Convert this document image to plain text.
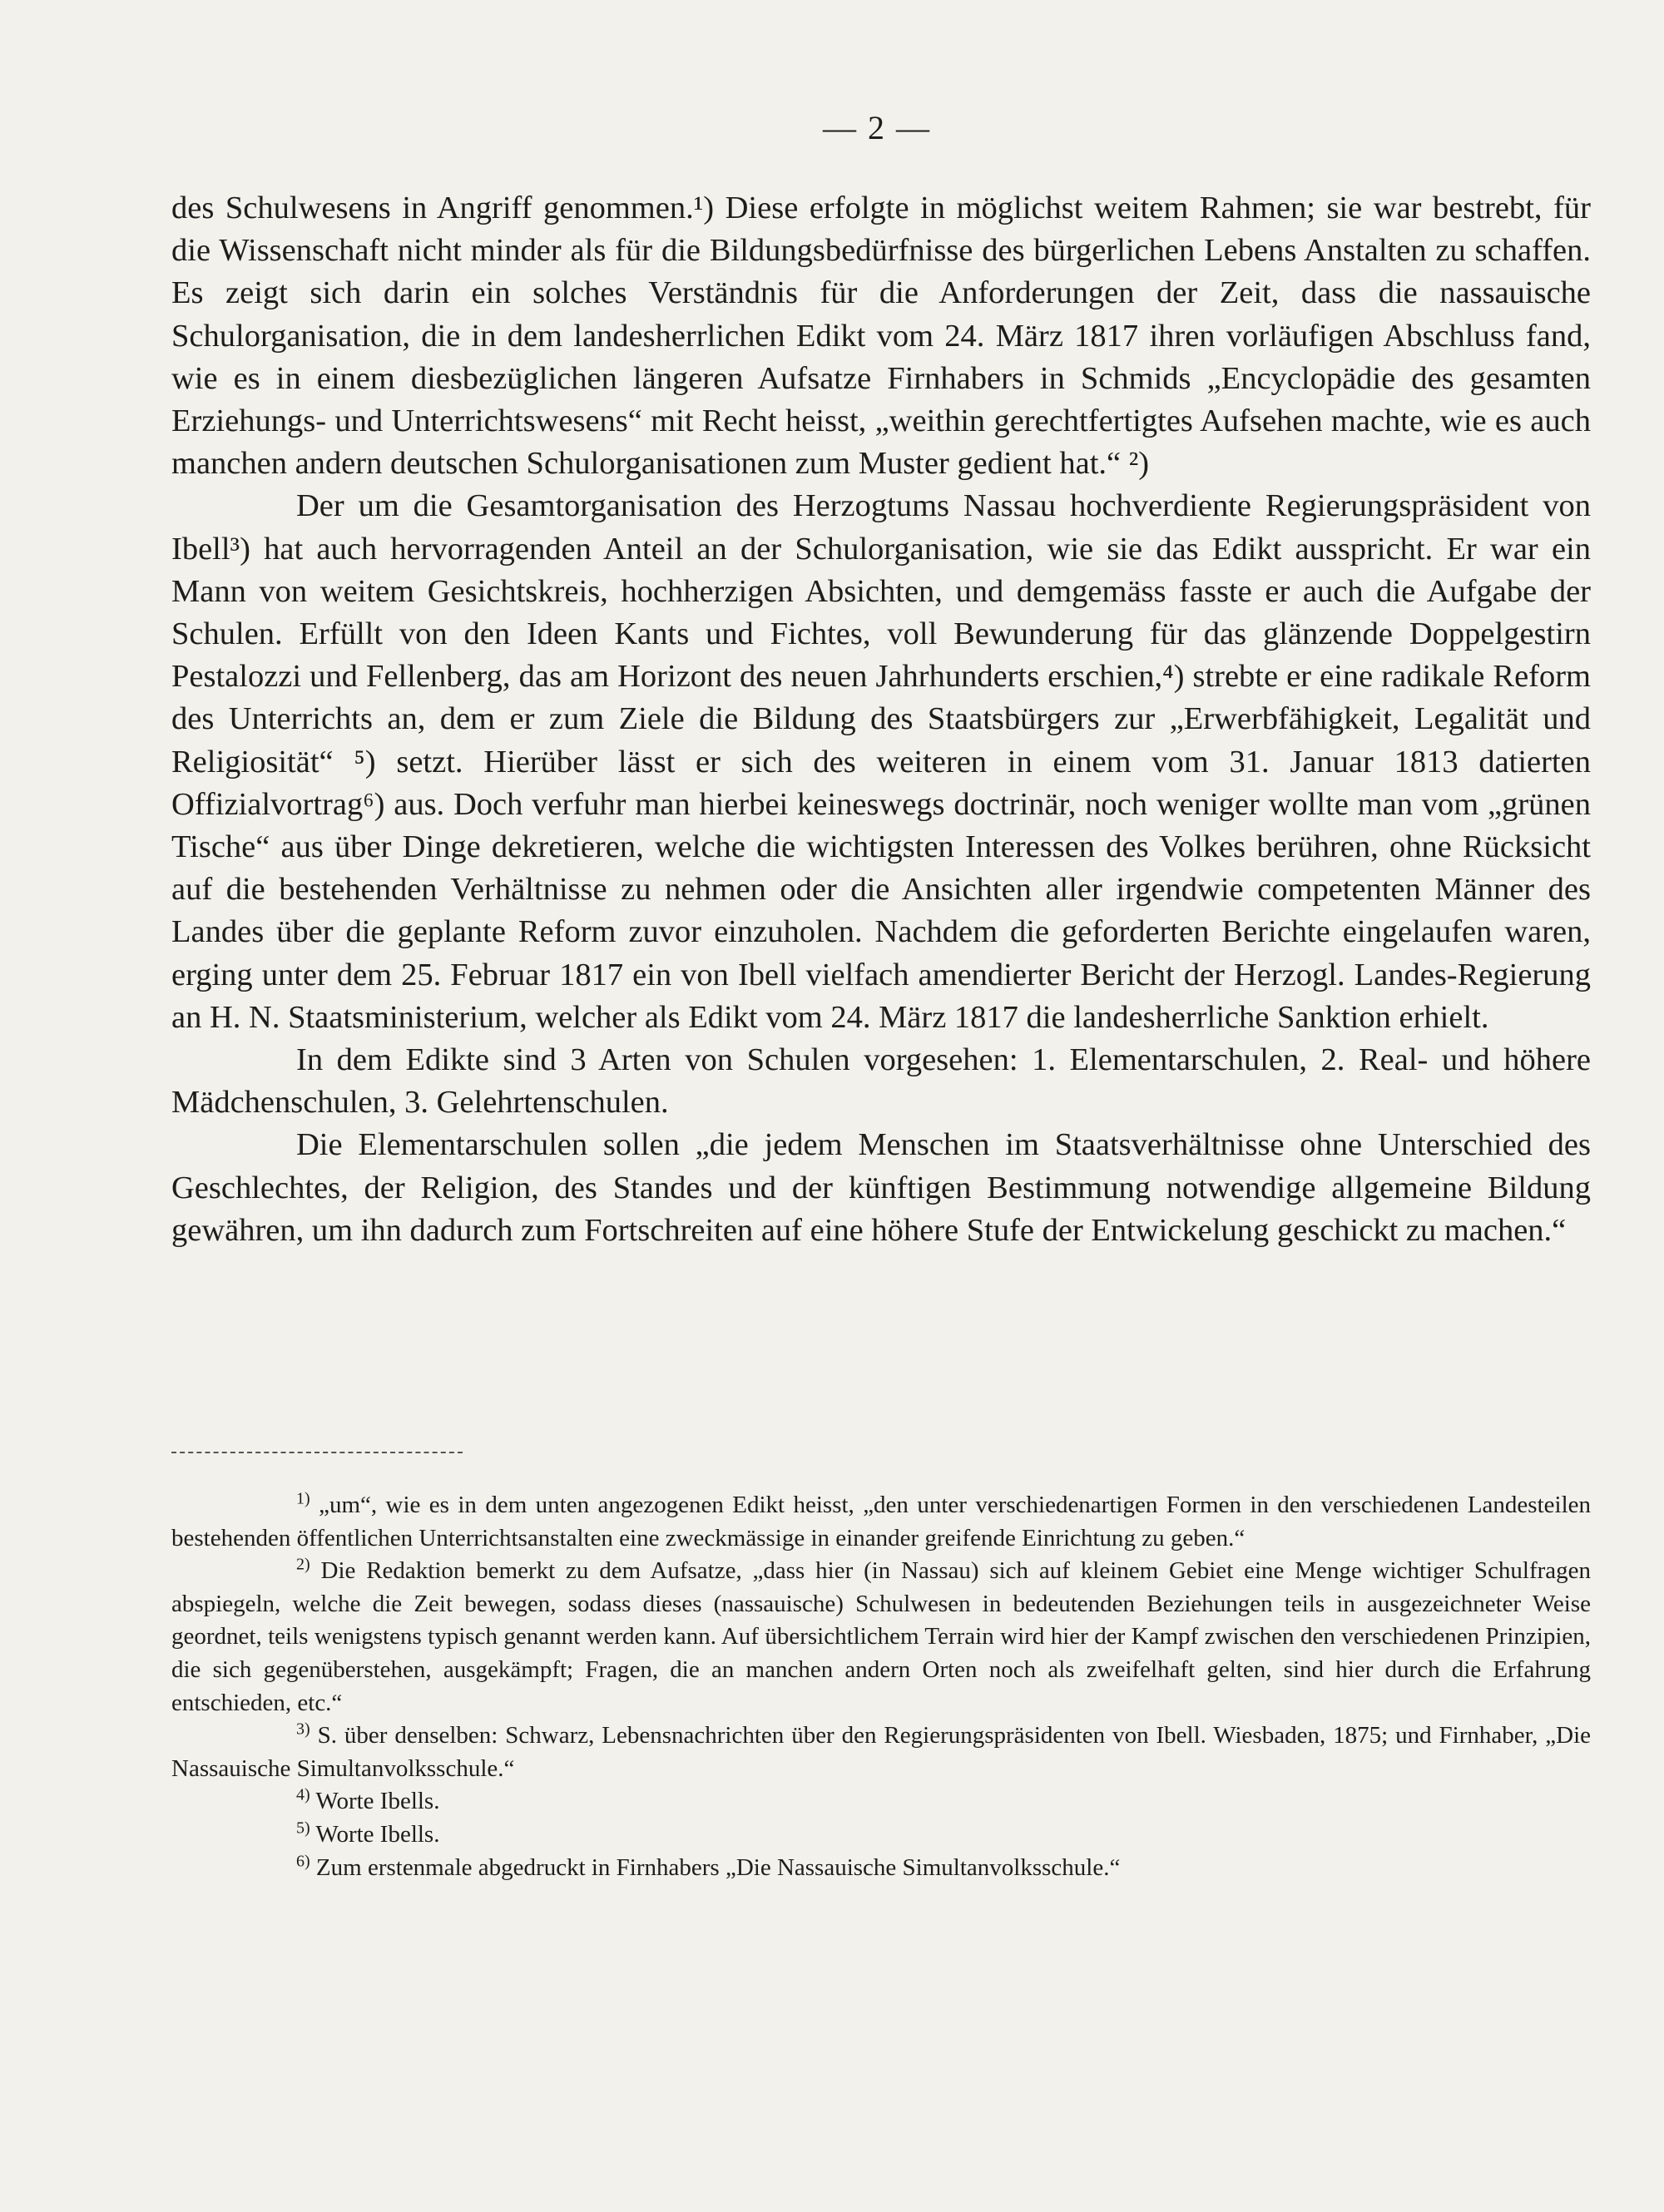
— 2 —

des Schulwesens in Angriff genommen.¹) Diese erfolgte in möglichst weitem Rahmen; sie war bestrebt, für die Wissenschaft nicht minder als für die Bildungsbedürfnisse des bürgerlichen Lebens Anstalten zu schaffen. Es zeigt sich darin ein solches Verständnis für die Anforderungen der Zeit, dass die nassauische Schulorganisation, die in dem landesherrlichen Edikt vom 24. März 1817 ihren vorläufigen Abschluss fand, wie es in einem diesbezüglichen längeren Aufsatze Firnhabers in Schmids „Encyclopädie des gesamten Erziehungs- und Unterrichtswesens“ mit Recht heisst, „weithin gerechtfertigtes Aufsehen machte, wie es auch manchen andern deutschen Schulorganisationen zum Muster gedient hat.“ ²)

Der um die Gesamtorganisation des Herzogtums Nassau hochverdiente Regierungspräsident von Ibell³) hat auch hervorragenden Anteil an der Schulorganisation, wie sie das Edikt ausspricht. Er war ein Mann von weitem Gesichtskreis, hochherzigen Absichten, und demgemäss fasste er auch die Aufgabe der Schulen. Erfüllt von den Ideen Kants und Fichtes, voll Bewunderung für das glänzende Doppelgestirn Pestalozzi und Fellenberg, das am Horizont des neuen Jahrhunderts erschien,⁴) strebte er eine radikale Reform des Unterrichts an, dem er zum Ziele die Bildung des Staatsbürgers zur „Erwerbfähigkeit, Legalität und Religiosität“ ⁵) setzt. Hierüber lässt er sich des weiteren in einem vom 31. Januar 1813 datierten Offizialvortrag⁶) aus. Doch verfuhr man hierbei keineswegs doctrinär, noch weniger wollte man vom „grünen Tische“ aus über Dinge dekretieren, welche die wichtigsten Interessen des Volkes berühren, ohne Rücksicht auf die bestehenden Verhältnisse zu nehmen oder die Ansichten aller irgendwie competenten Männer des Landes über die geplante Reform zuvor einzuholen. Nachdem die geforderten Berichte eingelaufen waren, erging unter dem 25. Februar 1817 ein von Ibell vielfach amendierter Bericht der Herzogl. Landes-Regierung an H. N. Staatsministerium, welcher als Edikt vom 24. März 1817 die landesherrliche Sanktion erhielt.

In dem Edikte sind 3 Arten von Schulen vorgesehen: 1. Elementarschulen, 2. Real- und höhere Mädchenschulen, 3. Gelehrtenschulen.

Die Elementarschulen sollen „die jedem Menschen im Staatsverhältnisse ohne Unterschied des Geschlechtes, der Religion, des Standes und der künftigen Bestimmung notwendige allgemeine Bildung gewähren, um ihn dadurch zum Fortschreiten auf eine höhere Stufe der Entwickelung geschickt zu machen.“

$^{1)}$ „um“, wie es in dem unten angezogenen Edikt heisst, „den unter verschiedenartigen Formen in den verschiedenen Landesteilen bestehenden öffentlichen Unterrichtsanstalten eine zweckmässige in einander greifende Einrichtung zu geben.“

$^{2)}$ Die Redaktion bemerkt zu dem Aufsatze, „dass hier (in Nassau) sich auf kleinem Gebiet eine Menge wichtiger Schulfragen abspiegeln, welche die Zeit bewegen, sodass dieses (nassauische) Schulwesen in bedeutenden Beziehungen teils in ausgezeichneter Weise geordnet, teils wenigstens typisch genannt werden kann. Auf übersichtlichem Terrain wird hier der Kampf zwischen den verschiedenen Prinzipien, die sich gegenüberstehen, ausgekämpft; Fragen, die an manchen andern Orten noch als zweifelhaft gelten, sind hier durch die Erfahrung entschieden, etc.“

$^{3)}$ S. über denselben: Schwarz, Lebensnachrichten über den Regierungspräsidenten von Ibell. Wiesbaden, 1875; und Firnhaber, „Die Nassauische Simultanvolksschule.“

$^{4)}$ Worte Ibells.

$^{5)}$ Worte Ibells.

$^{6)}$ Zum erstenmale abgedruckt in Firnhabers „Die Nassauische Simultanvolksschule.“
